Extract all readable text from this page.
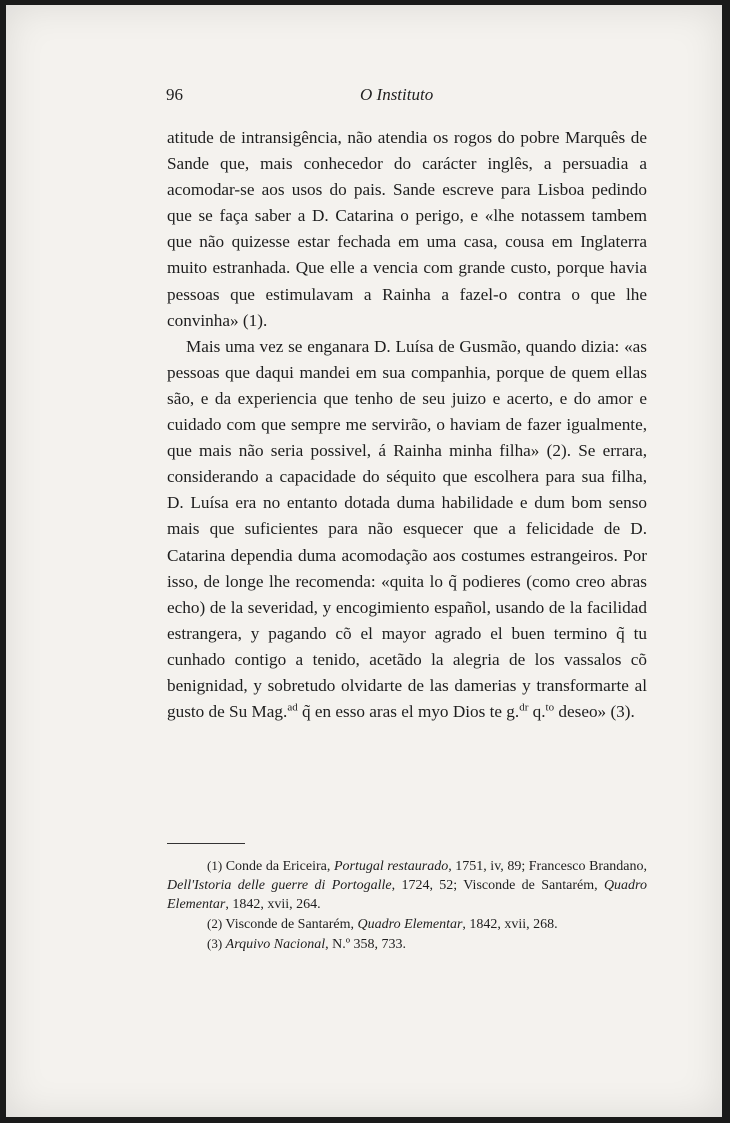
96	O Instituto

atitude de intransigência, não atendia os rogos do pobre Marquês de Sande que, mais conhecedor do carácter inglês, a persuadia a acomodar-se aos usos do pais. Sande escreve para Lisboa pedindo que se faça saber a D. Catarina o perigo, e «lhe notassem tambem que não quizesse estar fechada em uma casa, cousa em Inglaterra muito estranhada. Que elle a vencia com grande custo, porque havia pessoas que estimulavam a Rainha a fazel-o contra o que lhe convinha» (1).

Mais uma vez se enganara D. Luísa de Gusmão, quando dizia: «as pessoas que daqui mandei em sua companhia, porque de quem ellas são, e da experiencia que tenho de seu juizo e acerto, e do amor e cuidado com que sempre me servirão, o haviam de fazer igualmente, que mais não seria possivel, á Rainha minha filha» (2). Se errara, considerando a capacidade do séquito que escolhera para sua filha, D. Luísa era no entanto dotada duma habilidade e dum bom senso mais que suficientes para não esquecer que a felicidade de D. Catarina dependia duma acomodação aos costumes estrangeiros. Por isso, de longe lhe recomenda: «quita lo q̃ podieres (como creo abras echo) de la severidad, y encogimiento español, usando de la facilidad estrangera, y pagando cõ el mayor agrado el buen termino q̃ tu cunhado contigo a tenido, acetãdo la alegria de los vassalos cõ benignidad, y sobretudo olvidarte de las damerias y transformarte al gusto de Su Mag.$^{ad}$ q̃ en esso aras el myo Dios te g.$^{dr}$ q.$^{to}$ deseo» (3).

(1) Conde da Ericeira, Portugal restaurado, 1751, iv, 89; Francesco Brandano, Dell'Istoria delle guerre di Portogalle, 1724, 52; Visconde de Santarém, Quadro Elementar, 1842, xvii, 264.

(2) Visconde de Santarém, Quadro Elementar, 1842, xvii, 268.

(3) Arquivo Nacional, N.º 358, 733.
